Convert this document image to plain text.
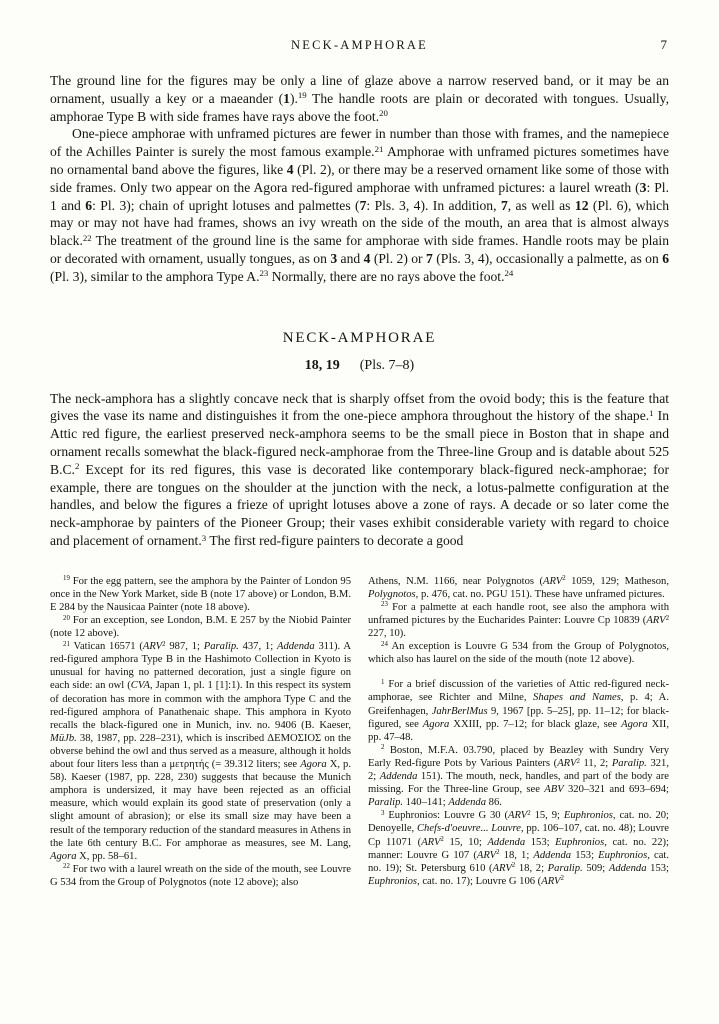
NECK-AMPHORAE	7

The ground line for the figures may be only a line of glaze above a narrow reserved band, or it may be an ornament, usually a key or a maeander (1).$^{19}$ The handle roots are plain or decorated with tongues. Usually, amphorae Type B with side frames have rays above the foot.$^{20}$

One-piece amphorae with unframed pictures are fewer in number than those with frames, and the namepiece of the Achilles Painter is surely the most famous example.$^{21}$ Amphorae with unframed pictures sometimes have no ornamental band above the figures, like 4 (Pl. 2), or there may be a reserved ornament like some of those with side frames. Only two appear on the Agora red-figured amphorae with unframed pictures: a laurel wreath (3: Pl. 1 and 6: Pl. 3); chain of upright lotuses and palmettes (7: Pls. 3, 4). In addition, 7, as well as 12 (Pl. 6), which may or may not have had frames, shows an ivy wreath on the side of the mouth, an area that is almost always black.$^{22}$ The treatment of the ground line is the same for amphorae with side frames. Handle roots may be plain or decorated with ornament, usually tongues, as on 3 and 4 (Pl. 2) or 7 (Pls. 3, 4), occasionally a palmette, as on 6 (Pl. 3), similar to the amphora Type A.$^{23}$ Normally, there are no rays above the foot.$^{24}$

NECK-AMPHORAE
18, 19 (Pls. 7–8)

The neck-amphora has a slightly concave neck that is sharply offset from the ovoid body; this is the feature that gives the vase its name and distinguishes it from the one-piece amphora throughout the history of the shape.$^1$ In Attic red figure, the earliest preserved neck-amphora seems to be the small piece in Boston that in shape and ornament recalls somewhat the black-figured neck-amphorae from the Three-line Group and is datable about 525 B.C.$^2$ Except for its red figures, this vase is decorated like contemporary black-figured neck-amphorae; for example, there are tongues on the shoulder at the junction with the neck, a lotus-palmette configuration at the handles, and below the figures a frieze of upright lotuses above a zone of rays. A decade or so later come the neck-amphorae by painters of the Pioneer Group; their vases exhibit considerable variety with regard to choice and placement of ornament.$^3$ The first red-figure painters to decorate a good

$^{19}$ For the egg pattern, see the amphora by the Painter of London 95 once in the New York Market, side B (note 17 above) or London, B.M. E 284 by the Nausicaa Painter (note 18 above).

$^{20}$ For an exception, see London, B.M. E 257 by the Niobid Painter (note 12 above).

$^{21}$ Vatican 16571 (ARV$^2$ 987, 1; Paralip. 437, 1; Addenda 311). A red-figured amphora Type B in the Hashimoto Collection in Kyoto is unusual for having no patterned decoration, just a single figure on each side: an owl (CVA, Japan 1, pl. 1 [1]:1). In this respect its system of decoration has more in common with the amphora Type C and the red-figured amphora of Panathenaic shape. This amphora in Kyoto recalls the black-figured one in Munich, inv. no. 9406 (B. Kaeser, MüJb. 38, 1987, pp. 228–231), which is inscribed ΔΕΜΟΣΙΟΣ on the obverse behind the owl and thus served as a measure, although it holds about four liters less than a μετρητής (= 39.312 liters; see Agora X, p. 58). Kaeser (1987, pp. 228, 230) suggests that because the Munich amphora is undersized, it may have been rejected as an official measure, which would explain its good state of preservation (only a slight amount of abrasion); or else its small size may have been a result of the temporary reduction of the standard measures in Athens in the late 6th century B.C. For amphorae as measures, see M. Lang, Agora X, pp. 58–61.

$^{22}$ For two with a laurel wreath on the side of the mouth, see Louvre G 534 from the Group of Polygnotos (note 12 above); also

Athens, N.M. 1166, near Polygnotos (ARV$^2$ 1059, 129; Matheson, Polygnotos, p. 476, cat. no. PGU 151). These have unframed pictures.

$^{23}$ For a palmette at each handle root, see also the amphora with unframed pictures by the Eucharides Painter: Louvre Cp 10839 (ARV$^2$ 227, 10).

$^{24}$ An exception is Louvre G 534 from the Group of Polygnotos, which also has laurel on the side of the mouth (note 12 above).

$^1$ For a brief discussion of the varieties of Attic red-figured neck-amphorae, see Richter and Milne, Shapes and Names, p. 4; A. Greifenhagen, JahrBerlMus 9, 1967 [pp. 5–25], pp. 11–12; for black-figured, see Agora XXIII, pp. 7–12; for black glaze, see Agora XII, pp. 47–48.

$^2$ Boston, M.F.A. 03.790, placed by Beazley with Sundry Very Early Red-figure Pots by Various Painters (ARV$^2$ 11, 2; Paralip. 321, 2; Addenda 151). The mouth, neck, handles, and part of the body are missing. For the Three-line Group, see ABV 320–321 and 693–694; Paralip. 140–141; Addenda 86.

$^3$ Euphronios: Louvre G 30 (ARV$^2$ 15, 9; Euphronios, cat. no. 20; Denoyelle, Chefs-d'oeuvre... Louvre, pp. 106–107, cat. no. 48); Louvre Cp 11071 (ARV$^2$ 15, 10; Addenda 153; Euphronios, cat. no. 22); manner: Louvre G 107 (ARV$^2$ 18, 1; Addenda 153; Euphronios, cat. no. 19); St. Petersburg 610 (ARV$^2$ 18, 2; Paralip. 509; Addenda 153; Euphronios, cat. no. 17); Louvre G 106 (ARV$^2$
